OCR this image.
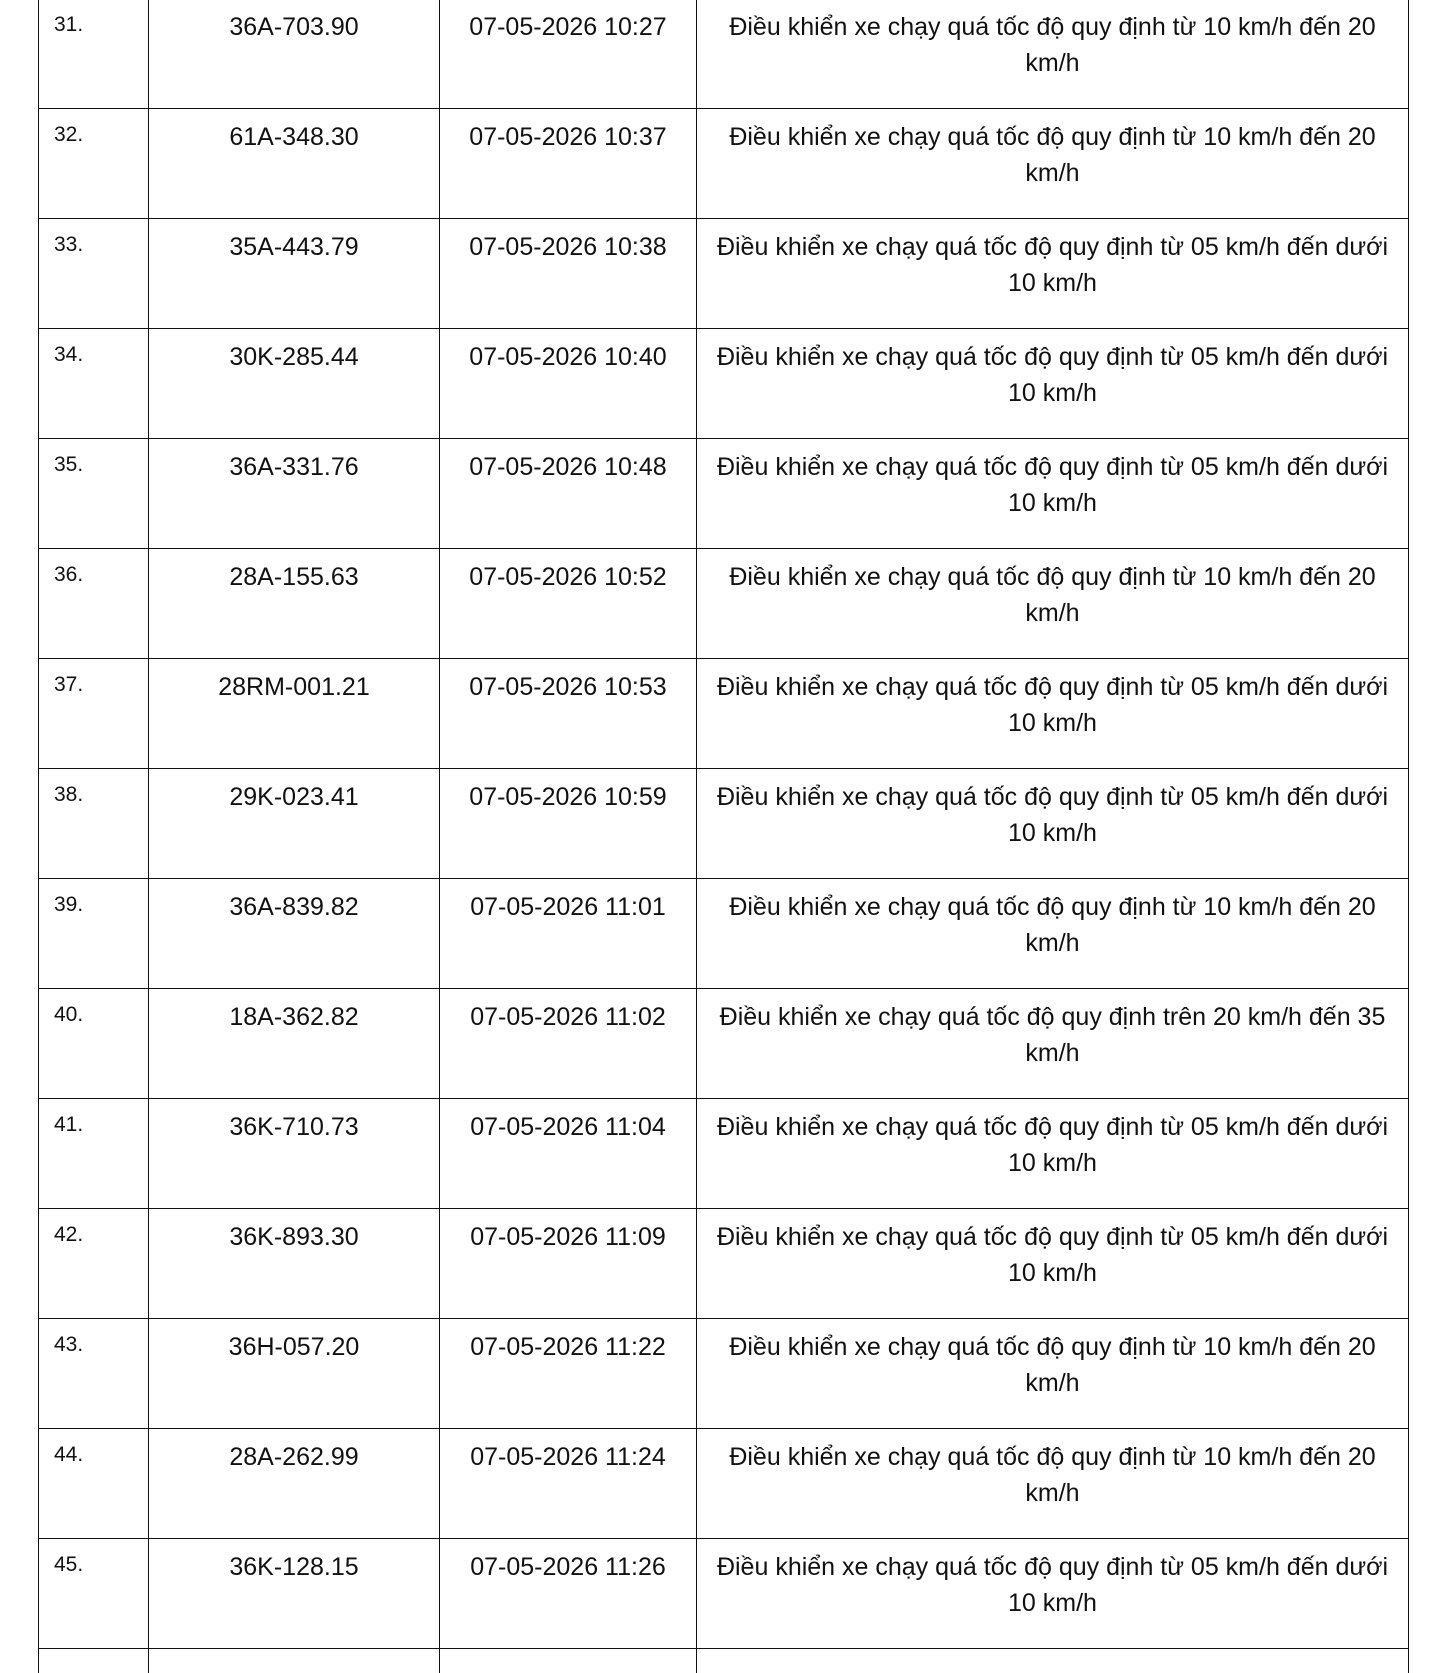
31.	36A-703.90	07-05-2026 10:27	Điều khiển xe chạy quá tốc độ quy định từ 10 km/h đến 20 km/h

32.	61A-348.30	07-05-2026 10:37	Điều khiển xe chạy quá tốc độ quy định từ 10 km/h đến 20 km/h

33.	35A-443.79	07-05-2026 10:38	Điều khiển xe chạy quá tốc độ quy định từ 05 km/h đến dưới 10 km/h

34.	30K-285.44	07-05-2026 10:40	Điều khiển xe chạy quá tốc độ quy định từ 05 km/h đến dưới 10 km/h

35.	36A-331.76	07-05-2026 10:48	Điều khiển xe chạy quá tốc độ quy định từ 05 km/h đến dưới 10 km/h

36.	28A-155.63	07-05-2026 10:52	Điều khiển xe chạy quá tốc độ quy định từ 10 km/h đến 20 km/h

37.	28RM-001.21	07-05-2026 10:53	Điều khiển xe chạy quá tốc độ quy định từ 05 km/h đến dưới 10 km/h

38.	29K-023.41	07-05-2026 10:59	Điều khiển xe chạy quá tốc độ quy định từ 05 km/h đến dưới 10 km/h

39.	36A-839.82	07-05-2026 11:01	Điều khiển xe chạy quá tốc độ quy định từ 10 km/h đến 20 km/h

40.	18A-362.82	07-05-2026 11:02	Điều khiển xe chạy quá tốc độ quy định trên 20 km/h đến 35 km/h

41.	36K-710.73	07-05-2026 11:04	Điều khiển xe chạy quá tốc độ quy định từ 05 km/h đến dưới 10 km/h

42.	36K-893.30	07-05-2026 11:09	Điều khiển xe chạy quá tốc độ quy định từ 05 km/h đến dưới 10 km/h

43.	36H-057.20	07-05-2026 11:22	Điều khiển xe chạy quá tốc độ quy định từ 10 km/h đến 20 km/h

44.	28A-262.99	07-05-2026 11:24	Điều khiển xe chạy quá tốc độ quy định từ 10 km/h đến 20 km/h

45.	36K-128.15	07-05-2026 11:26	Điều khiển xe chạy quá tốc độ quy định từ 05 km/h đến dưới 10 km/h
